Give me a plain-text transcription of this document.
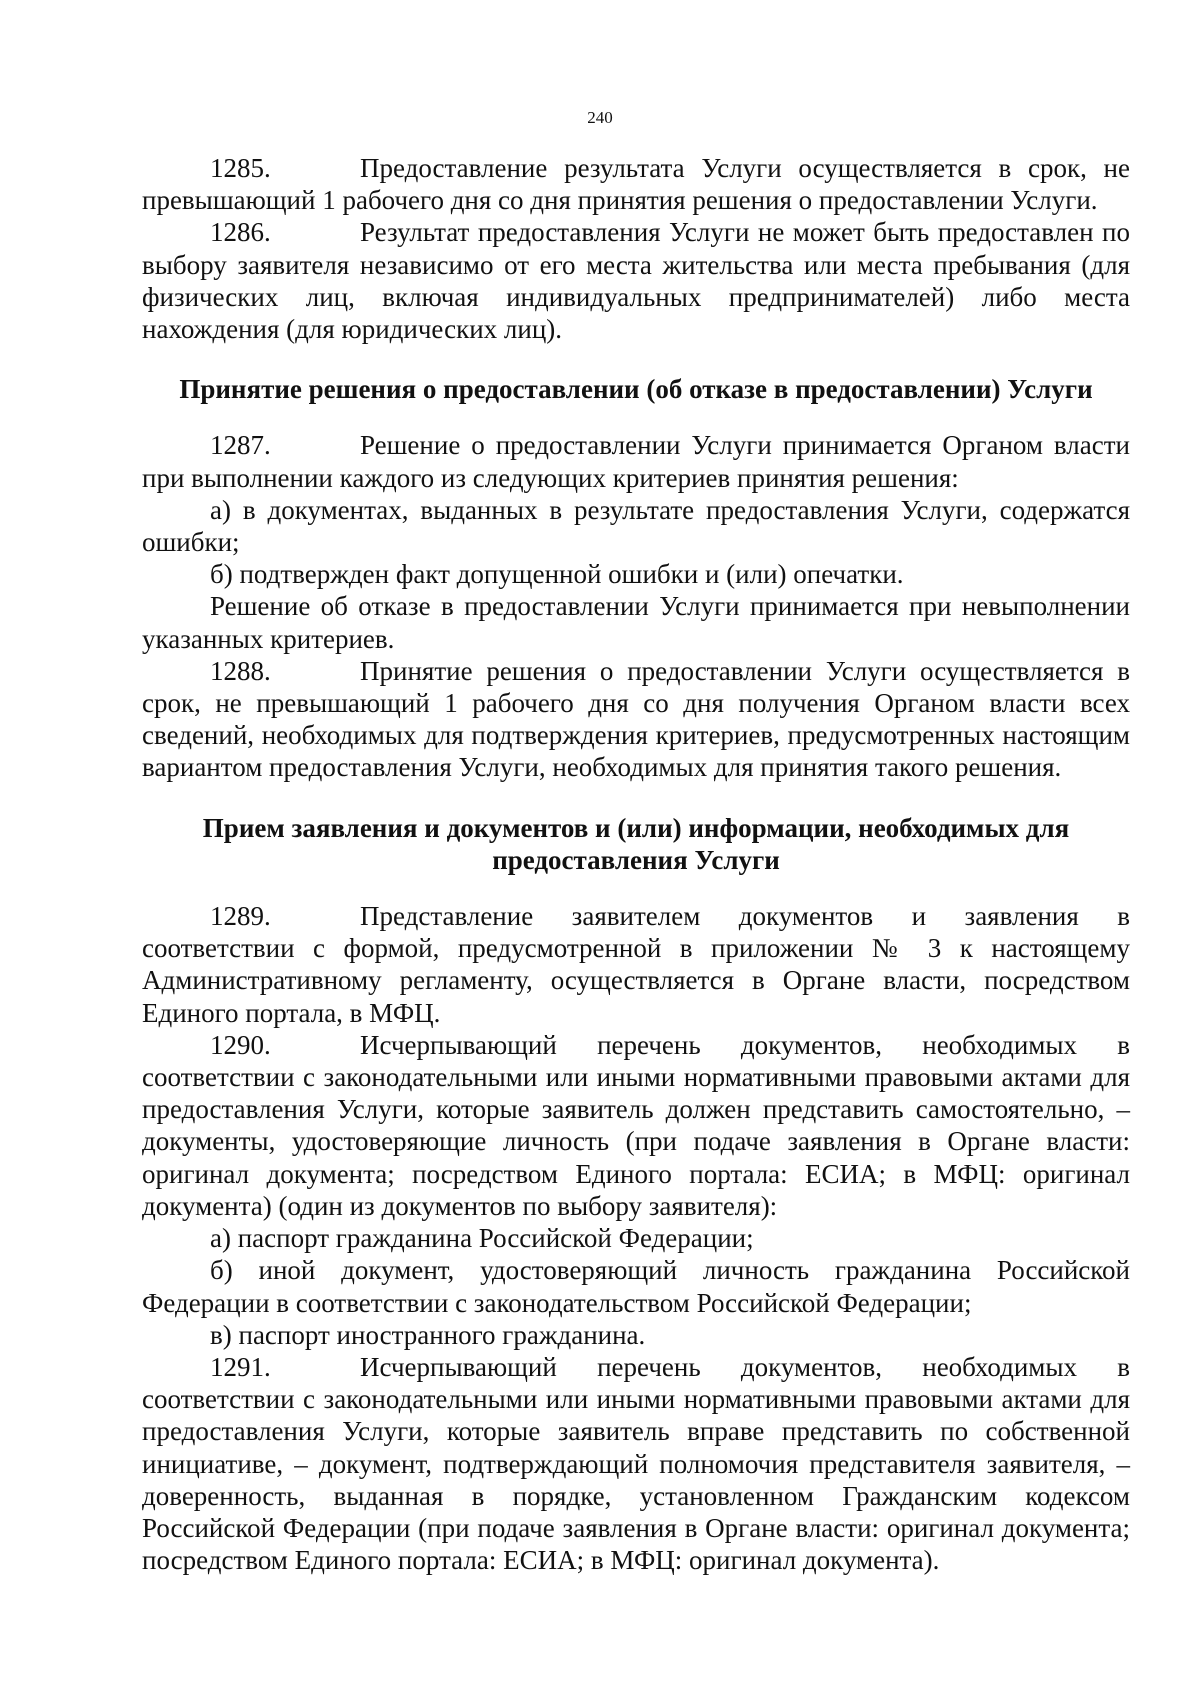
240

1285.	Предоставление результата Услуги осуществляется в срок, не превышающий 1 рабочего дня со дня принятия решения о предоставлении Услуги.

1286.	Результат предоставления Услуги не может быть предоставлен по выбору заявителя независимо от его места жительства или места пребывания (для физических лиц, включая индивидуальных предпринимателей) либо места нахождения (для юридических лиц).

Принятие решения о предоставлении (об отказе в предоставлении) Услуги

1287.	Решение о предоставлении Услуги принимается Органом власти при выполнении каждого из следующих критериев принятия решения:

а) в документах, выданных в результате предоставления Услуги, содержатся ошибки;

б) подтвержден факт допущенной ошибки и (или) опечатки.

Решение об отказе в предоставлении Услуги принимается при невыполнении указанных критериев.

1288.	Принятие решения о предоставлении Услуги осуществляется в срок, не превышающий 1 рабочего дня со дня получения Органом власти всех сведений, необходимых для подтверждения критериев, предусмотренных настоящим вариантом предоставления Услуги, необходимых для принятия такого решения.

Прием заявления и документов и (или) информации, необходимых для предоставления Услуги

1289.	Представление заявителем документов и заявления в соответствии с формой, предусмотренной в приложении № 3 к настоящему Административному регламенту, осуществляется в Органе власти, посредством Единого портала, в МФЦ.

1290.	Исчерпывающий перечень документов, необходимых в соответствии с законодательными или иными нормативными правовыми актами для предоставления Услуги, которые заявитель должен представить самостоятельно, – документы, удостоверяющие личность (при подаче заявления в Органе власти: оригинал документа; посредством Единого портала: ЕСИА; в МФЦ: оригинал документа) (один из документов по выбору заявителя):

а) паспорт гражданина Российской Федерации;

б) иной документ, удостоверяющий личность гражданина Российской Федерации в соответствии с законодательством Российской Федерации;

в) паспорт иностранного гражданина.

1291.	Исчерпывающий перечень документов, необходимых в соответствии с законодательными или иными нормативными правовыми актами для предоставления Услуги, которые заявитель вправе представить по собственной инициативе, – документ, подтверждающий полномочия представителя заявителя, – доверенность, выданная в порядке, установленном Гражданским кодексом Российской Федерации (при подаче заявления в Органе власти: оригинал документа; посредством Единого портала: ЕСИА; в МФЦ: оригинал документа).
